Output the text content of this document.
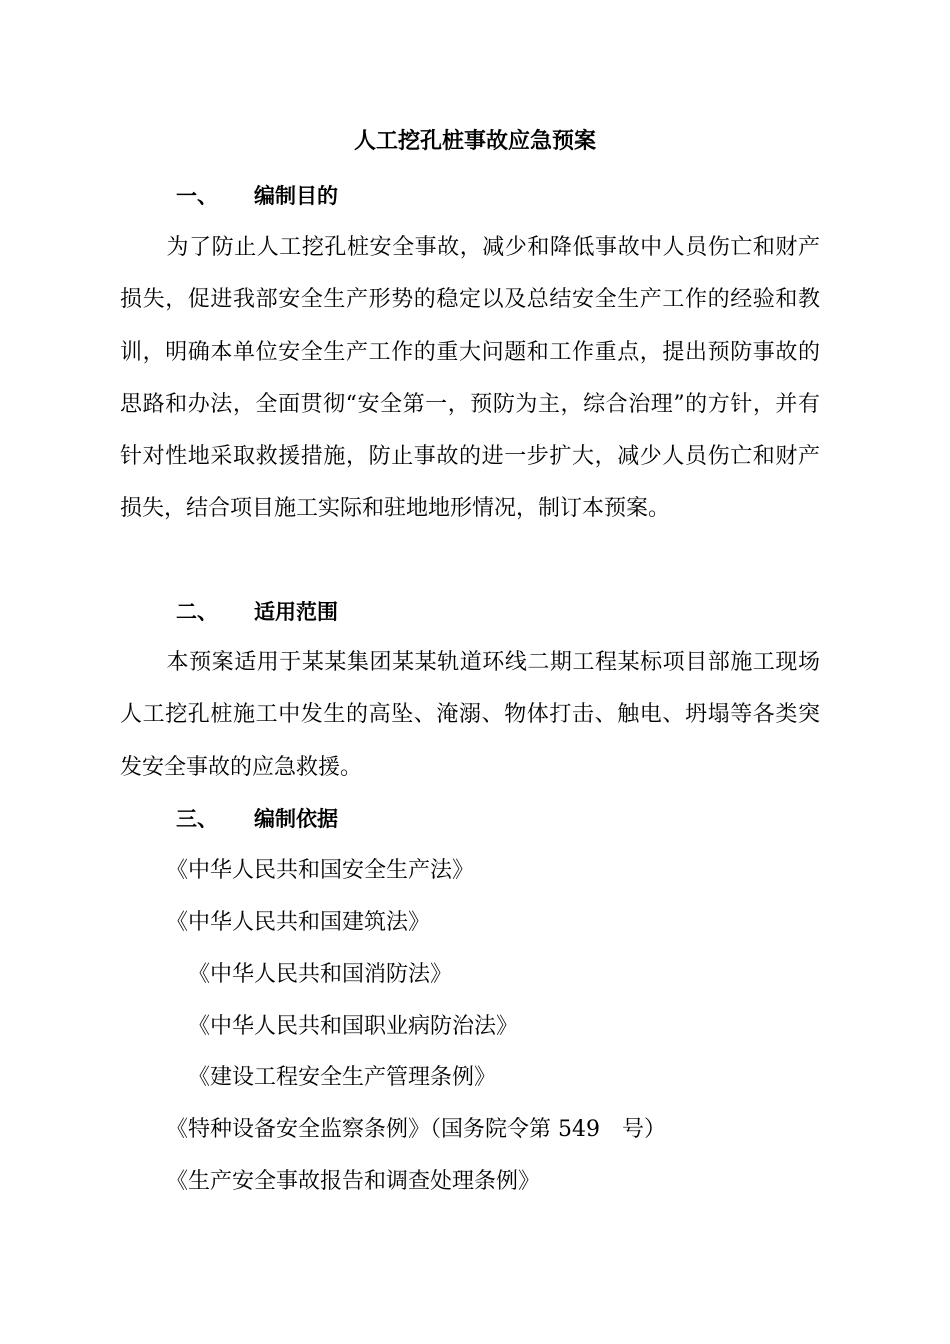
人工挖孔桩事故应急预案
一、 编制目的
为了防止人工挖孔桩安全事故，减少和降低事故中人员伤亡和财产损失，促进我部安全生产形势的稳定以及总结安全生产工作的经验和教训，明确本单位安全生产工作的重大问题和工作重点，提出预防事故的思路和办法，全面贯彻“安全第一，预防为主，综合治理”的方针，并有针对性地采取救援措施，防止事故的进一步扩大，减少人员伤亡和财产损失，结合项目施工实际和驻地地形情况，制订本预案。
二、 适用范围
本预案适用于某某集团某某轨道环线二期工程某标项目部施工现场人工挖孔桩施工中发生的高坠、淹溺、物体打击、触电、坍塌等各类突发安全事故的应急救援。
三、 编制依据
《中华人民共和国安全生产法》
《中华人民共和国建筑法》
《中华人民共和国消防法》
《中华人民共和国职业病防治法》
《建设工程安全生产管理条例》
《特种设备安全监察条例》（国务院令第 549　号）
《生产安全事故报告和调查处理条例》
